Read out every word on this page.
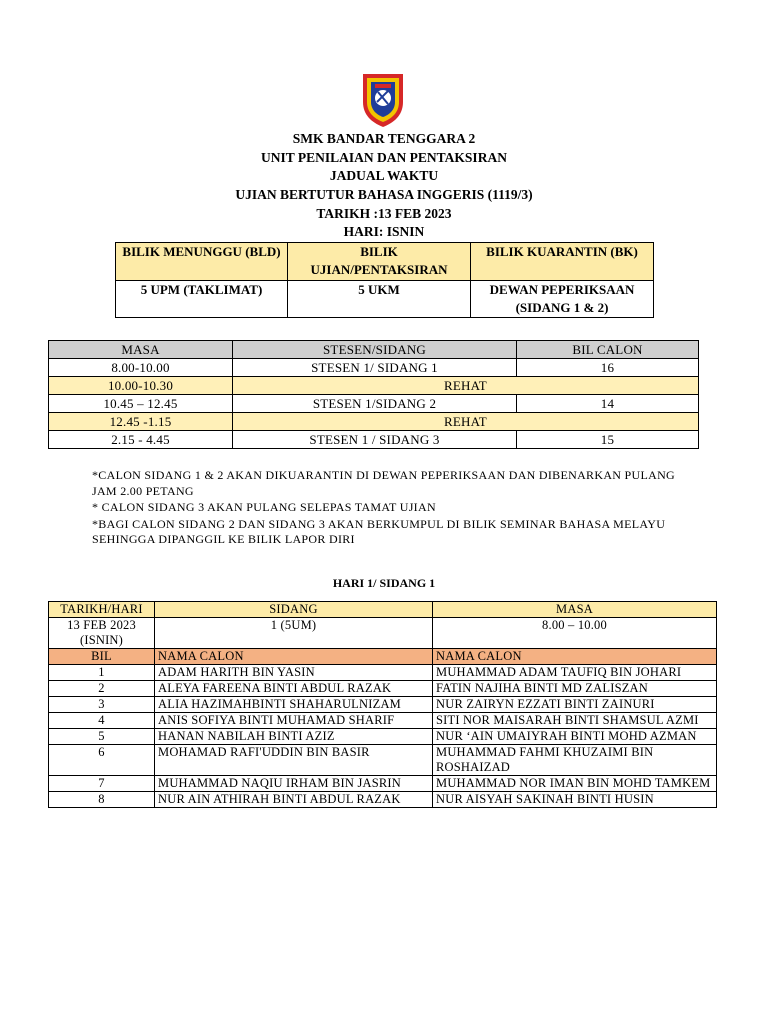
SMK BANDAR TENGGARA 2
UNIT PENILAIAN DAN PENTAKSIRAN
JADUAL WAKTU
UJIAN BERTUTUR BAHASA INGGERIS (1119/3)
TARIKH :13 FEB 2023
HARI: ISNIN
BILIK MENUNGGU (BLD)	BILIK UJIAN/PENTAKSIRAN	BILIK KUARANTIN (BK)
5 UPM (TAKLIMAT)	5 UKM	DEWAN PEPERIKSAAN (SIDANG 1 & 2)
MASA	STESEN/SIDANG	BIL CALON
8.00-10.00	STESEN 1/ SIDANG 1	16
10.00-10.30	REHAT	
10.45 – 12.45	STESEN 1/SIDANG 2	14
12.45 -1.15	REHAT	
2.15 - 4.45	STESEN 1 / SIDANG 3	15

*CALON SIDANG 1 & 2 AKAN DIKUARANTIN DI DEWAN PEPERIKSAAN DAN DIBENARKAN PULANG JAM 2.00 PETANG

* CALON SIDANG 3 AKAN PULANG SELEPAS TAMAT UJIAN

*BAGI CALON SIDANG 2 DAN SIDANG 3 AKAN BERKUMPUL DI BILIK SEMINAR BAHASA MELAYU SEHINGGA DIPANGGIL KE BILIK LAPOR DIRI

HARI 1/ SIDANG 1
TARIKH/HARI	SIDANG	MASA
13 FEB 2023 (ISNIN)	1 (5UM)	8.00 – 10.00
BIL	NAMA CALON	NAMA CALON
1	ADAM HARITH BIN YASIN	MUHAMMAD ADAM TAUFIQ BIN JOHARI
2	ALEYA FAREENA BINTI ABDUL RAZAK	FATIN NAJIHA BINTI MD ZALISZAN
3	ALIA HAZIMAHBINTI SHAHARULNIZAM	NUR ZAIRYN EZZATI BINTI ZAINURI
4	ANIS SOFIYA BINTI MUHAMAD SHARIF	SITI NOR MAISARAH BINTI SHAMSUL AZMI
5	HANAN NABILAH BINTI AZIZ	NUR ‘AIN UMAIYRAH BINTI MOHD AZMAN
6	MOHAMAD RAFI'UDDIN BIN BASIR	MUHAMMAD FAHMI KHUZAIMI BIN ROSHAIZAD
7	MUHAMMAD NAQIU IRHAM BIN JASRIN	MUHAMMAD NOR IMAN BIN MOHD TAMKEM
8	NUR AIN ATHIRAH BINTI ABDUL RAZAK	NUR AISYAH SAKINAH BINTI HUSIN
